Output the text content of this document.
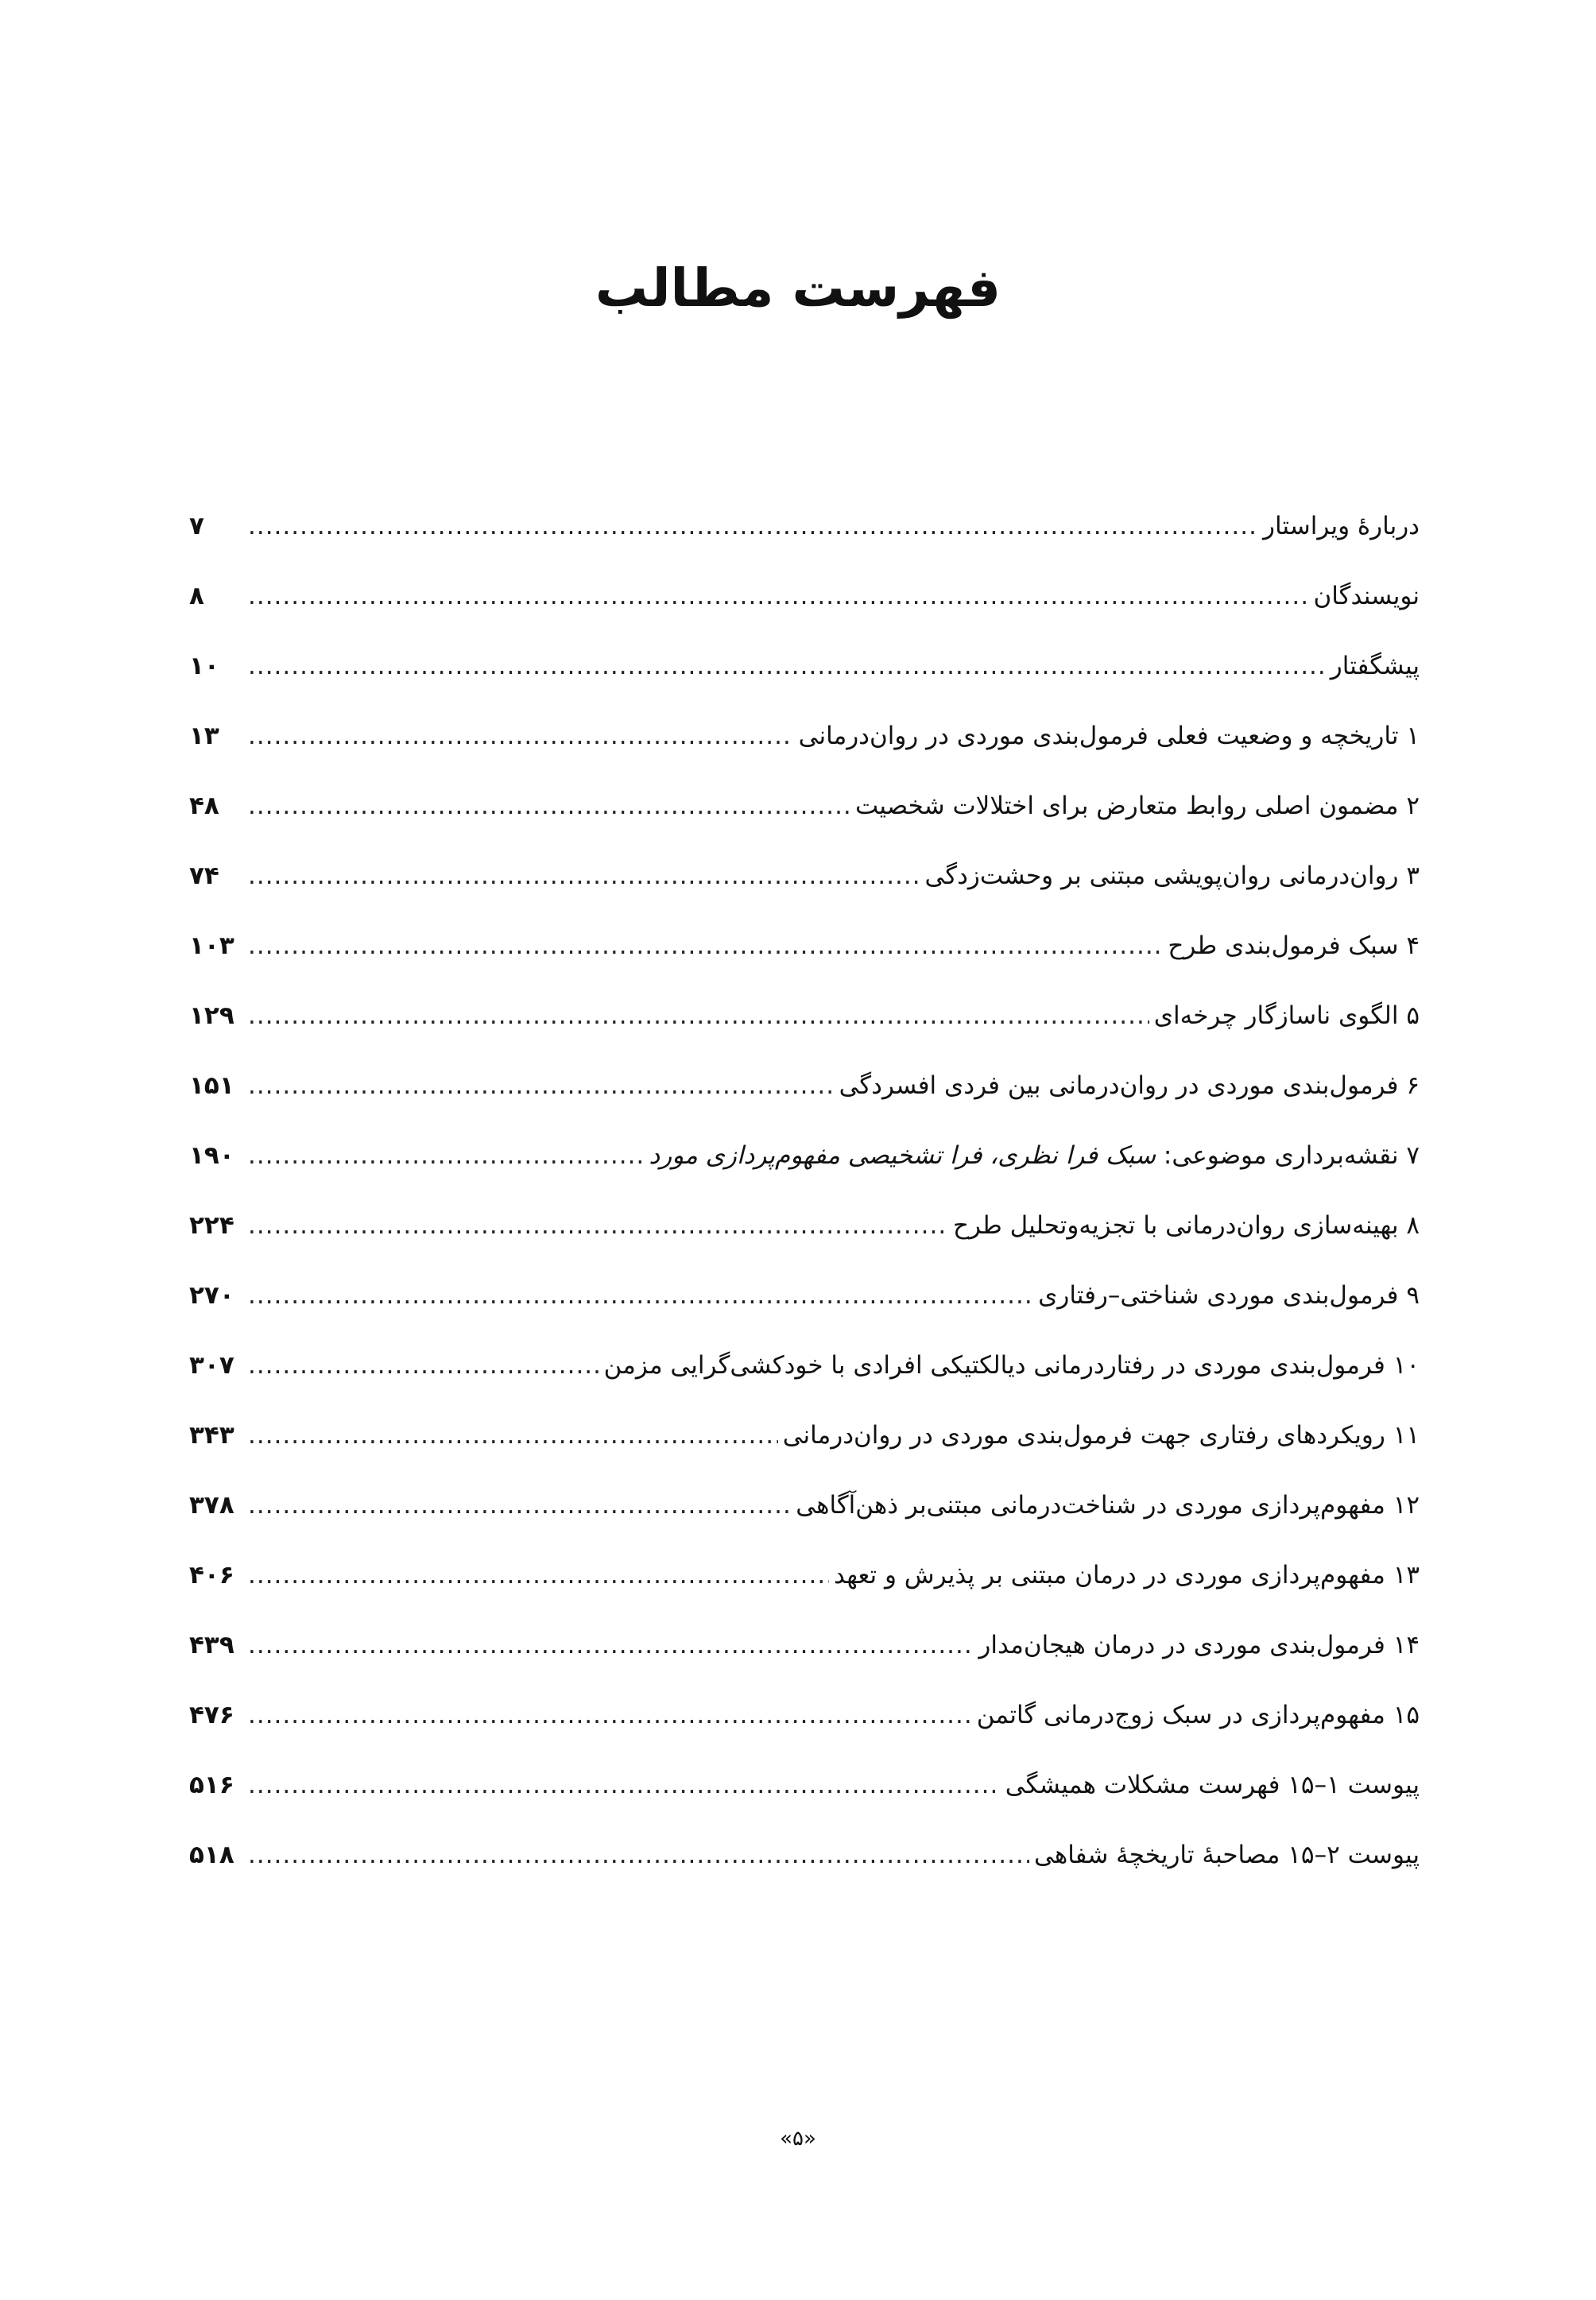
فهرست مطالب
دربارۀ ویراستار
.....
۷
نویسندگان
.....
۸
پیشگفتار
.....
۱۰
۱ تاریخچه و وضعیت فعلی فرمول‌بندی موردی در روان‌درمانی
.....
۱۳
۲ مضمون اصلی روابط متعارض برای اختلالات شخصیت
.....
۴۸
۳ روان‌درمانی روان‌پویشی مبتنی بر وحشت‌زدگی
.....
۷۴
۴ سبک فرمول‌بندی طرح
.....
۱۰۳
۵ الگوی ناسازگار چرخه‌ای
.....
۱۲۹
۶ فرمول‌بندی موردی در روان‌درمانی بین فردی افسردگی
.....
۱۵۱
۷ نقشه‌برداری موضوعی: سبک فرا نظری، فرا تشخیصی مفهوم‌پردازی مورد
.....
۱۹۰
۸ بهینه‌سازی روان‌درمانی با تجزیه‌وتحلیل طرح
.....
۲۲۴
۹ فرمول‌بندی موردی شناختی–رفتاری
.....
۲۷۰
۱۰ فرمول‌بندی موردی در رفتاردرمانی دیالکتیکی افرادی با خودکشی‌گرایی مزمن
.....
۳۰۷
۱۱ رویکردهای رفتاری جهت فرمول‌بندی موردی در روان‌درمانی
.....
۳۴۳
۱۲ مفهوم‌پردازی موردی در شناخت‌درمانی مبتنی‌بر ذهن‌آگاهی
.....
۳۷۸
۱۳ مفهوم‌پردازی موردی در درمان مبتنی بر پذیرش و تعهد
.....
۴۰۶
۱۴ فرمول‌بندی موردی در درمان هیجان‌مدار
.....
۴۳۹
۱۵ مفهوم‌پردازی در سبک زوج‌درمانی گاتمن
.....
۴۷۶
پیوست ۱–۱۵ فهرست مشکلات همیشگی
.....
۵۱۶
پیوست ۲–۱۵ مصاحبۀ تاریخچۀ شفاهی
.....
۵۱۸
«۵»
